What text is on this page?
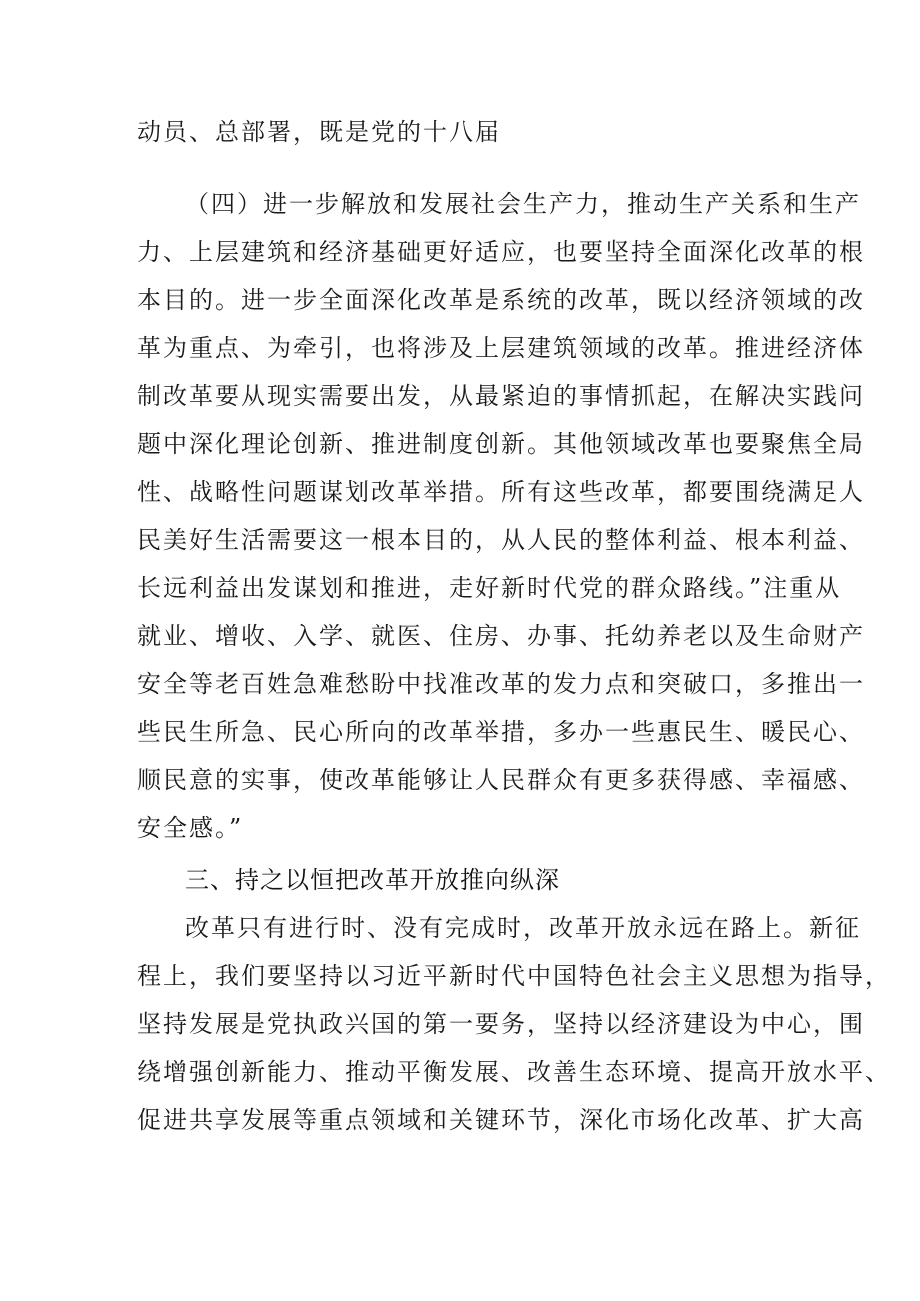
动员、总部署，既是党的十八届
（四）进一步解放和发展社会生产力，推动生产关系和生产
力、上层建筑和经济基础更好适应，也要坚持全面深化改革的根
本目的。进一步全面深化改革是系统的改革，既以经济领域的改
革为重点、为牵引，也将涉及上层建筑领域的改革。推进经济体
制改革要从现实需要出发，从最紧迫的事情抓起，在解决实践问
题中深化理论创新、推进制度创新。其他领域改革也要聚焦全局
性、战略性问题谋划改革举措。所有这些改革，都要围绕满足人
民美好生活需要这一根本目的，从人民的整体利益、根本利益、
长远利益出发谋划和推进，走好新时代党的群众路线。”注重从
就业、增收、入学、就医、住房、办事、托幼养老以及生命财产
安全等老百姓急难愁盼中找准改革的发力点和突破口，多推出一
些民生所急、民心所向的改革举措，多办一些惠民生、暖民心、
顺民意的实事，使改革能够让人民群众有更多获得感、幸福感、
安全感。”
三、持之以恒把改革开放推向纵深
改革只有进行时、没有完成时，改革开放永远在路上。新征
程上，我们要坚持以习近平新时代中国特色社会主义思想为指导，
坚持发展是党执政兴国的第一要务，坚持以经济建设为中心，围
绕增强创新能力、推动平衡发展、改善生态环境、提高开放水平、
促进共享发展等重点领域和关键环节，深化市场化改革、扩大高
